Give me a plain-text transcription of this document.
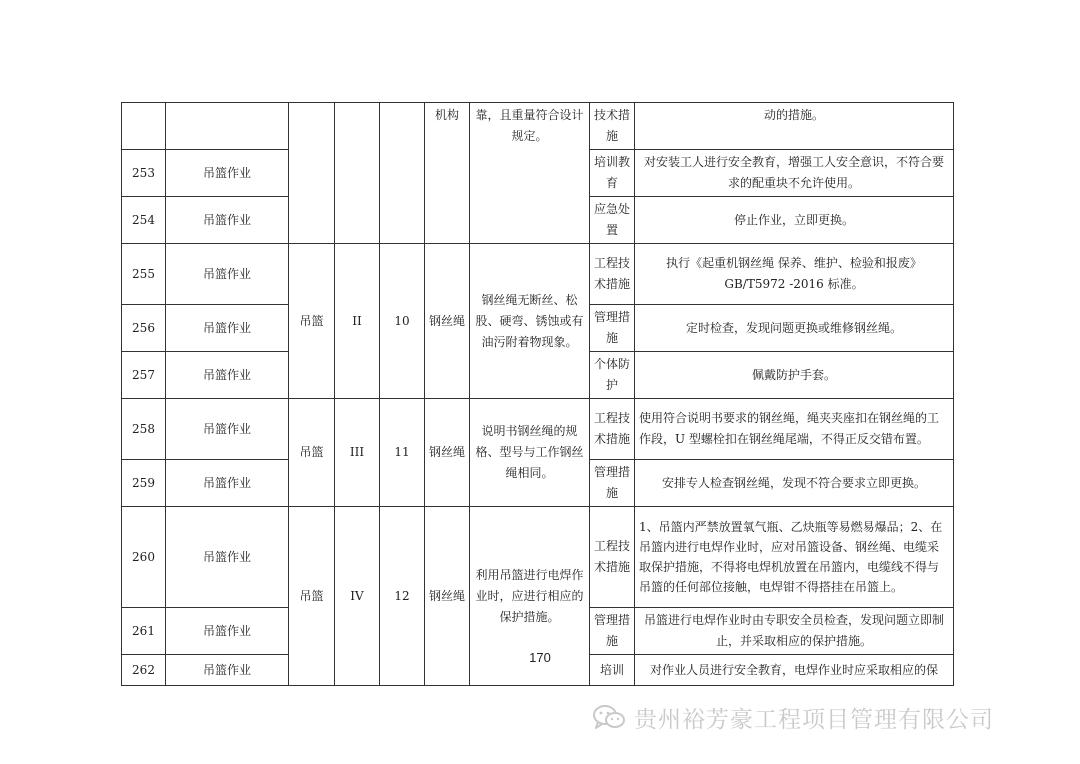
					机构	靠，且重量符合设计规定。	技术措施	动的措施。
253	吊篮作业						培训教育	对安装工人进行安全教育，增强工人安全意识，不符合要求的配重块不允许使用。
254	吊篮作业						应急处置	停止作业，立即更换。
255	吊篮作业	吊篮	II	10	钢丝绳	钢丝绳无断丝、松股、硬弯、锈蚀或有油污附着物现象。	工程技术措施	执行《起重机钢丝绳 保养、维护、检验和报废》GB/T5972 -2016 标准。
256	吊篮作业						管理措施	定时检查，发现问题更换或维修钢丝绳。
257	吊篮作业						个体防护	佩戴防护手套。
258	吊篮作业	吊篮	III	11	钢丝绳	说明书钢丝绳的规格、型号与工作钢丝绳相同。	工程技术措施	使用符合说明书要求的钢丝绳，绳夹夹座扣在钢丝绳的工作段，U 型螺栓扣在钢丝绳尾端，不得正反交错布置。
259	吊篮作业						管理措施	安排专人检查钢丝绳，发现不符合要求立即更换。
260	吊篮作业	吊篮	IV	12	钢丝绳	利用吊篮进行电焊作业时，应进行相应的保护措施。	工程技术措施	1、吊篮内严禁放置氧气瓶、乙炔瓶等易燃易爆品；2、在吊篮内进行电焊作业时，应对吊篮设备、钢丝绳、电缆采取保护措施，不得将电焊机放置在吊篮内，电缆线不得与吊篮的任何部位接触，电焊钳不得搭挂在吊篮上。
261	吊篮作业						管理措施	吊篮进行电焊作业时由专职安全员检查，发现问题立即制止，并采取相应的保护措施。
262	吊篮作业						培训	对作业人员进行安全教育，电焊作业时应采取相应的保
170
贵州裕芳豪工程项目管理有限公司
